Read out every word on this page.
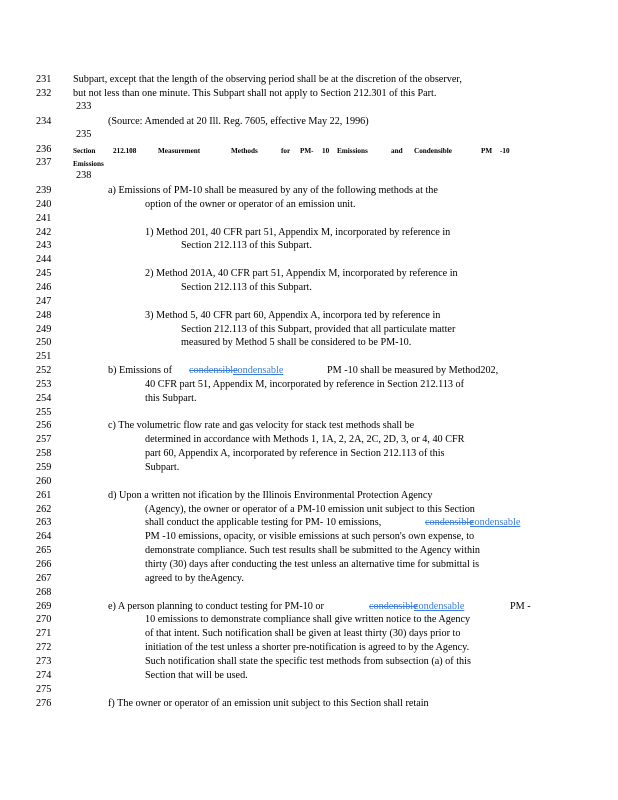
231
232
233
234
235
236
237
238
239
240
241
242
243
244
245
246
247
248
249
250
251
252
253
254
255
256
257
258
259
260
261
262
263
264
265
266
267
268
269
270
271
272
273
274
275
276
Subpart, except that the length of the observing period shall be at the discretion of the observer,
but not less than one minute. This Subpart shall not apply to Section 212.301 of this Part.
(Source: Amended at 20 Ill. Reg. 7605, effective May 22, 1996)
Section 212.108	Measurement	Methods	for PM- 10 Emissions	and Condensible	PM -10
Emissions
a) Emissions of PM-10 shall be measured by any of the following methods at the
option of the owner or operator of an emission unit.
1) Method 201, 40 CFR part 51, Appendix M, incorporated by reference in
Section 212.113 of this Subpart.
2) Method 201A, 40 CFR part 51, Appendix M, incorporated by reference in
Section 212.113 of this Subpart.
3) Method 5, 40 CFR part 60, Appendix A, incorpora ted by reference in
Section 212.113 of this Subpart, provided that all particulate matter
measured by Method 5 shall be considered to be PM-10.
b) Emissions of condensible
condensable	PM -10 shall be measured by Method202,
40 CFR part 51, Appendix M, incorporated by reference in Section 212.113 of
this Subpart.
c) The volumetric flow rate and gas velocity for stack test methods shall be
determined in accordance with Methods 1, 1A, 2, 2A, 2C, 2D, 3, or 4, 40 CFR
part 60, Appendix A, incorporated by reference in Section 212.113 of this
Subpart.
d) Upon a written not ification by the Illinois Environmental Protection Agency
(Agency), the owner or operator of a PM-10 emission unit subject to this Section
shall conduct the applicable testing for PM- 10 emissions,	condensible
condensable
PM -10 emissions, opacity, or visible emissions at such person's own expense, to
demonstrate compliance. Such test results shall be submitted to the Agency within
thirty (30) days after conducting the test unless an alternative time for submittal is
agreed to by theAgency.
e) A person planning to conduct testing for PM-10 or	condensible
condensable	PM -
10 emissions to demonstrate compliance shall give written notice to the Agency
of that intent. Such notification shall be given at least thirty (30) days prior to
initiation of the test unless a shorter pre-notification is agreed to by the Agency.
Such notification shall state the specific test methods from subsection (a) of this
Section that will be used.
f) The owner or operator of an emission unit subject to this Section shall retain
